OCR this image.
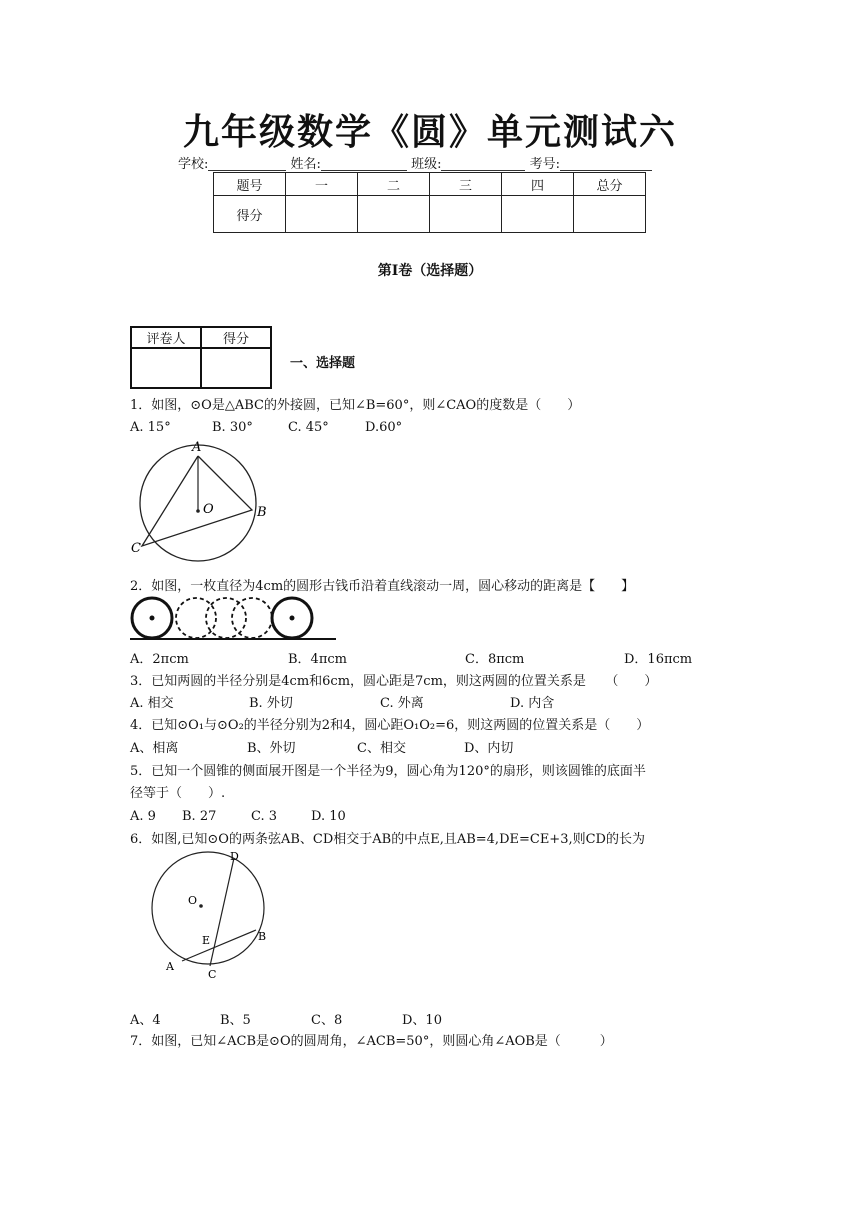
九年级数学《圆》单元测试六
学校:	姓名:	班级:	考号:
题号	一	二	三	四	总分
得分					
第Ⅰ卷（选择题）
评卷人	得分

一、选择题
1．如图，⊙O是△ABC的外接圆，已知∠B=60°，则∠CAO的度数是（　　）
A. 15°	B. 30°	C. 45°	D.60°
A
O	B
C
2．如图，一枚直径为4cm的圆形古钱币沿着直线滚动一周，圆心移动的距离是【　　】
A．2πcm	B．4πcm	C．8πcm	D．16πcm
3．已知两圆的半径分别是4cm和6cm，圆心距是7cm，则这两圆的位置关系是　　（　　）
A. 相交	B. 外切	C. 外离	D. 内含
4．已知⊙O₁与⊙O₂的半径分别为2和4，圆心距O₁O₂=6，则这两圆的位置关系是（　　）
A、相离	B、外切	C、相交	D、内切
5．已知一个圆锥的侧面展开图是一个半径为9，圆心角为120°的扇形，则该圆锥的底面半
径等于（　　）.
A. 9 B. 27	C. 3	D. 10
6．如图,已知⊙O的两条弦AB、CD相交于AB的中点E,且AB=4,DE=CE+3,则CD的长为
D
O
E	B
A
C
A、4	B、5	C、8	D、10
7．如图，已知∠ACB是⊙O的圆周角，∠ACB=50°，则圆心角∠AOB是（　　　）
